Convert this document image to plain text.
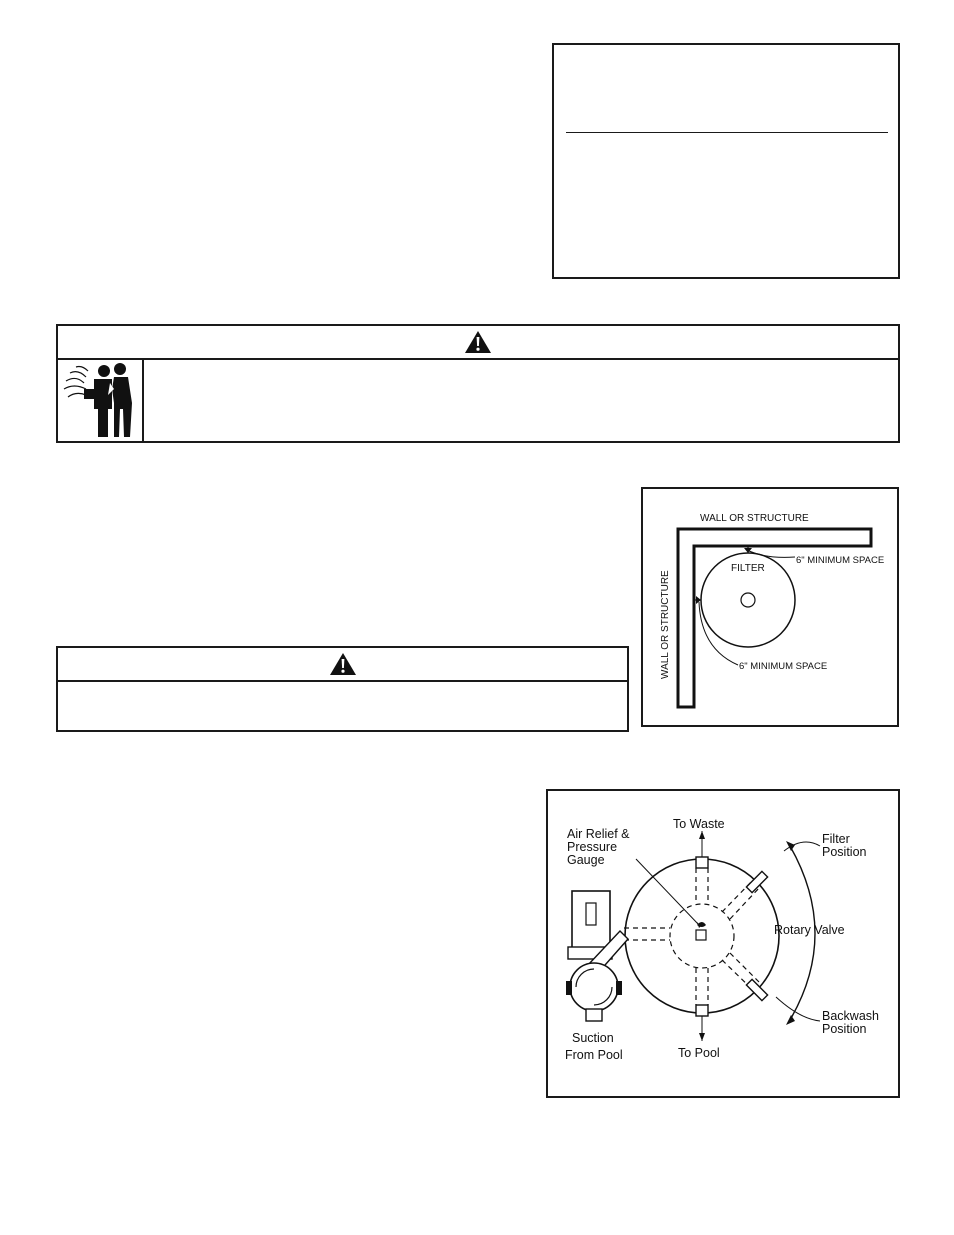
WALL OR STRUCTURE
WALL OR STRUCTURE
FILTER
6" MINIMUM SPACE
6" MINIMUM SPACE
To Waste
Air Relief &
Pressure
Gauge
Filter
Position
Rotary Valve
Backwash
Position
Suction
From Pool	To Pool
